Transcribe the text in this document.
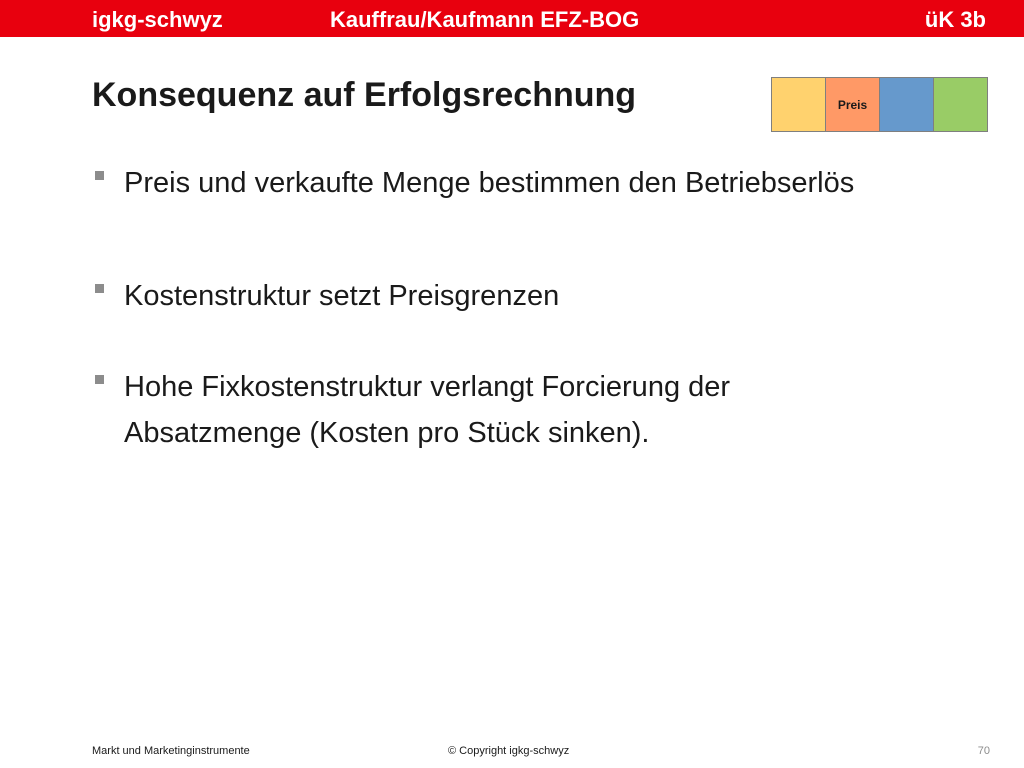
igkg-schwyz	Kauffrau/Kaufmann EFZ-BOG	üK 3b
Konsequenz auf Erfolgsrechnung	Preis
Preis und verkaufte Menge bestimmen den Betriebserlös
Kostenstruktur setzt Preisgrenzen
Hohe Fixkostenstruktur verlangt Forcierung der Absatzmenge (Kosten pro Stück sinken).
Markt und Marketinginstrumente	© Copyright igkg-schwyz	70
